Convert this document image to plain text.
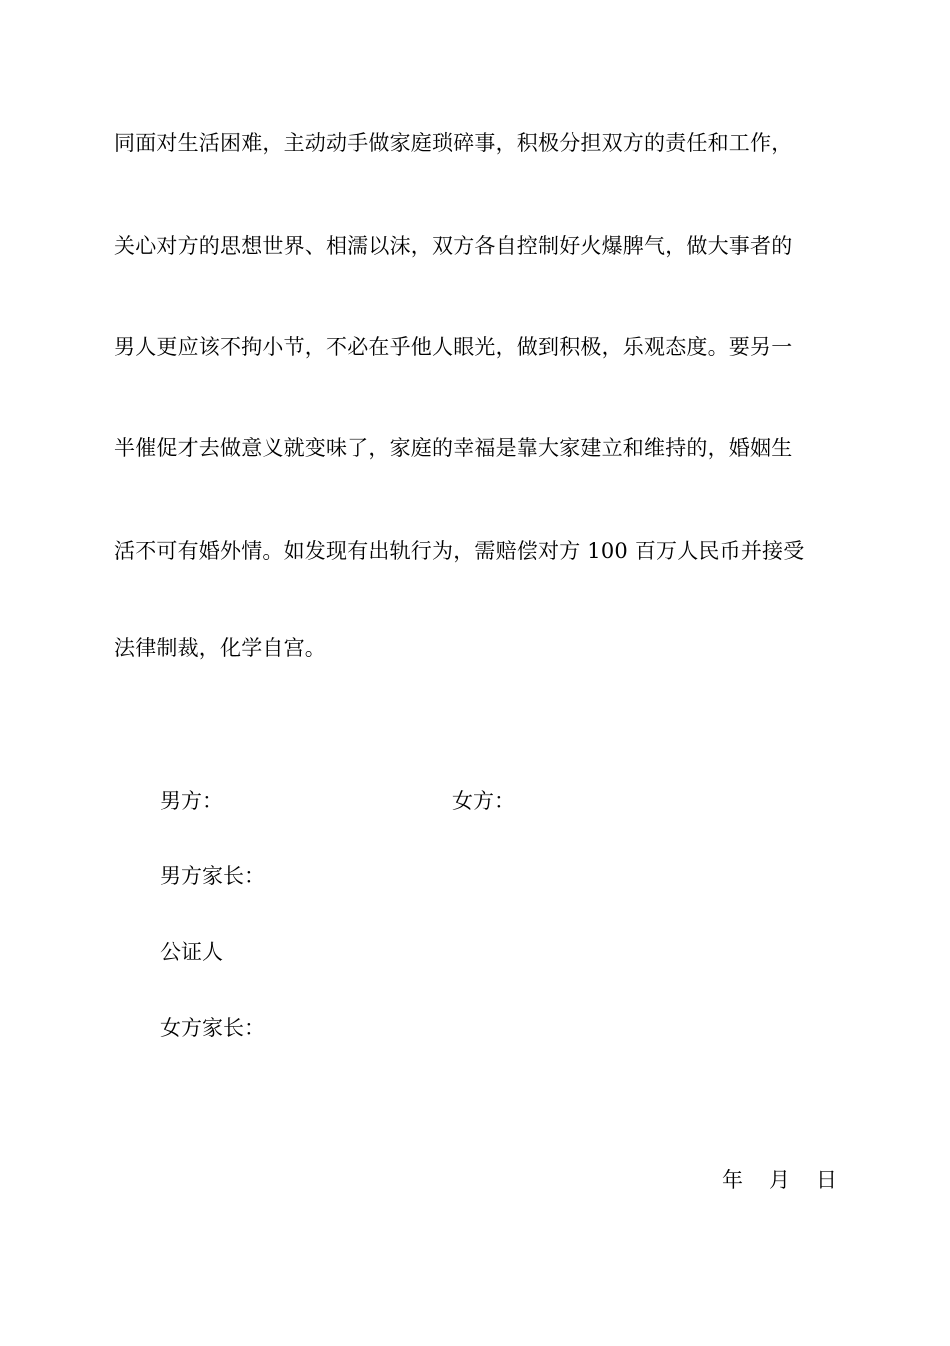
同面对生活困难，主动动手做家庭琐碎事，积极分担双方的责任和工作，
关心对方的思想世界、相濡以沫，双方各自控制好火爆脾气，做大事者的
男人更应该不拘小节，不必在乎他人眼光，做到积极，乐观态度。要另一
半催促才去做意义就变味了，家庭的幸福是靠大家建立和维持的，婚姻生
活不可有婚外情。如发现有出轨行为，需赔偿对方 100 百万人民币并接受
法律制裁，化学自宫。
男方：	女方：
男方家长：
公证人
女方家长：
年 月 日
